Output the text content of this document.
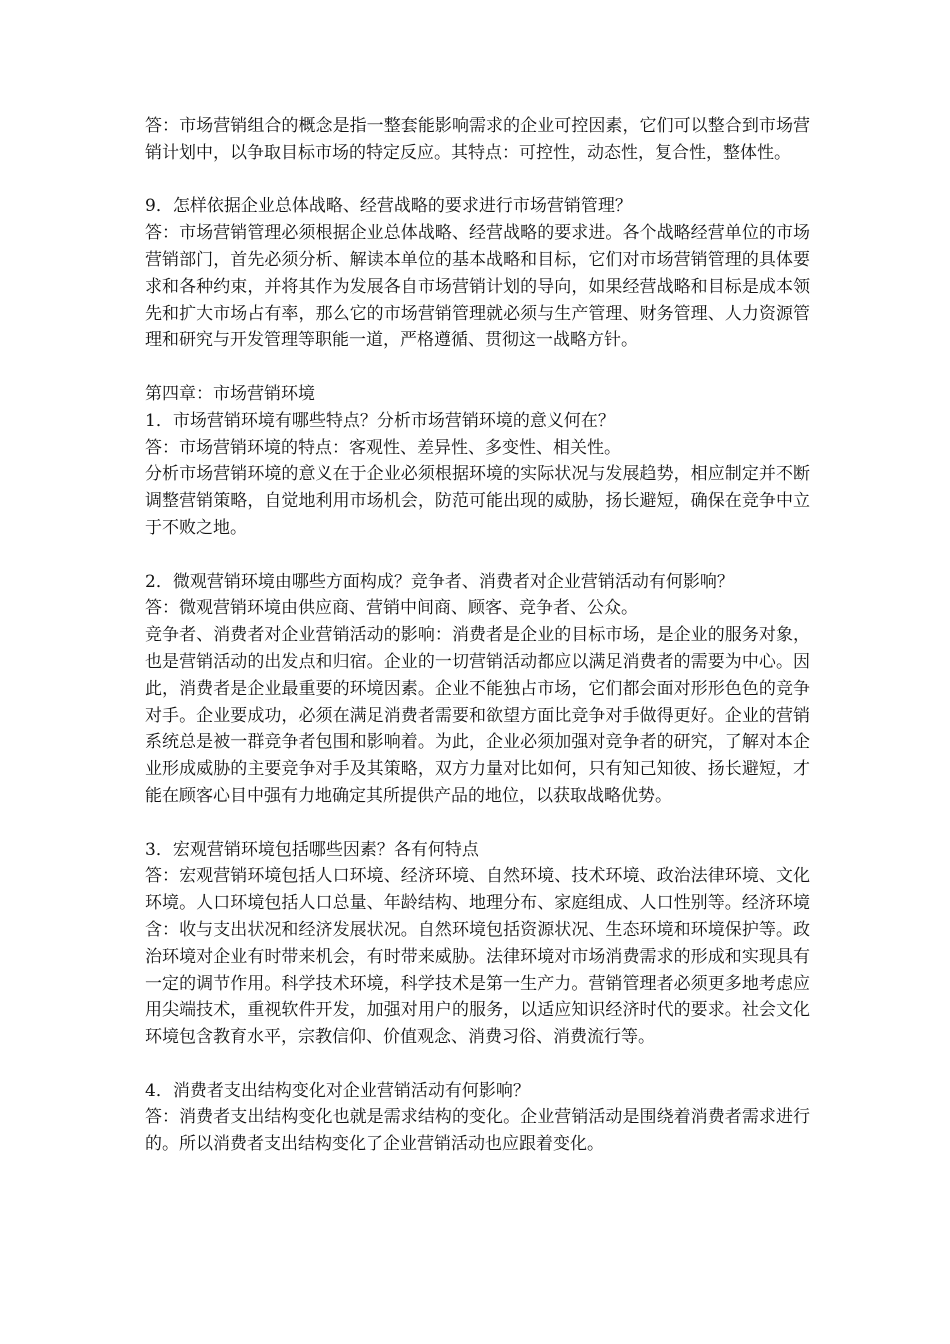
答：市场营销组合的概念是指一整套能影响需求的企业可控因素，它们可以整合到市场营销计划中，以争取目标市场的特定反应。其特点：可控性，动态性，复合性，整体性。

9．怎样依据企业总体战略、经营战略的要求进行市场营销管理？

答：市场营销管理必须根据企业总体战略、经营战略的要求进。各个战略经营单位的市场营销部门，首先必须分析、解读本单位的基本战略和目标，它们对市场营销管理的具体要求和各种约束，并将其作为发展各自市场营销计划的导向，如果经营战略和目标是成本领先和扩大市场占有率，那么它的市场营销管理就必须与生产管理、财务管理、人力资源管理和研究与开发管理等职能一道，严格遵循、贯彻这一战略方针。

第四章：市场营销环境

1．市场营销环境有哪些特点？分析市场营销环境的意义何在？

答：市场营销环境的特点：客观性、差异性、多变性、相关性。

分析市场营销环境的意义在于企业必须根据环境的实际状况与发展趋势，相应制定并不断调整营销策略，自觉地利用市场机会，防范可能出现的威胁，扬长避短，确保在竞争中立于不败之地。

2．微观营销环境由哪些方面构成？竞争者、消费者对企业营销活动有何影响？

答：微观营销环境由供应商、营销中间商、顾客、竞争者、公众。

竞争者、消费者对企业营销活动的影响：消费者是企业的目标市场，是企业的服务对象，也是营销活动的出发点和归宿。企业的一切营销活动都应以满足消费者的需要为中心。因此，消费者是企业最重要的环境因素。企业不能独占市场，它们都会面对形形色色的竞争对手。企业要成功，必须在满足消费者需要和欲望方面比竞争对手做得更好。企业的营销系统总是被一群竞争者包围和影响着。为此，企业必须加强对竞争者的研究，了解对本企业形成威胁的主要竞争对手及其策略，双方力量对比如何，只有知己知彼、扬长避短，才能在顾客心目中强有力地确定其所提供产品的地位，以获取战略优势。

3．宏观营销环境包括哪些因素？各有何特点

答：宏观营销环境包括人口环境、经济环境、自然环境、技术环境、政治法律环境、文化环境。人口环境包括人口总量、年龄结构、地理分布、家庭组成、人口性别等。经济环境含：收与支出状况和经济发展状况。自然环境包括资源状况、生态环境和环境保护等。政治环境对企业有时带来机会，有时带来威胁。法律环境对市场消费需求的形成和实现具有一定的调节作用。科学技术环境，科学技术是第一生产力。营销管理者必须更多地考虑应用尖端技术，重视软件开发，加强对用户的服务，以适应知识经济时代的要求。社会文化环境包含教育水平，宗教信仰、价值观念、消费习俗、消费流行等。

4．消费者支出结构变化对企业营销活动有何影响？

答：消费者支出结构变化也就是需求结构的变化。企业营销活动是围绕着消费者需求进行的。所以消费者支出结构变化了企业营销活动也应跟着变化。
